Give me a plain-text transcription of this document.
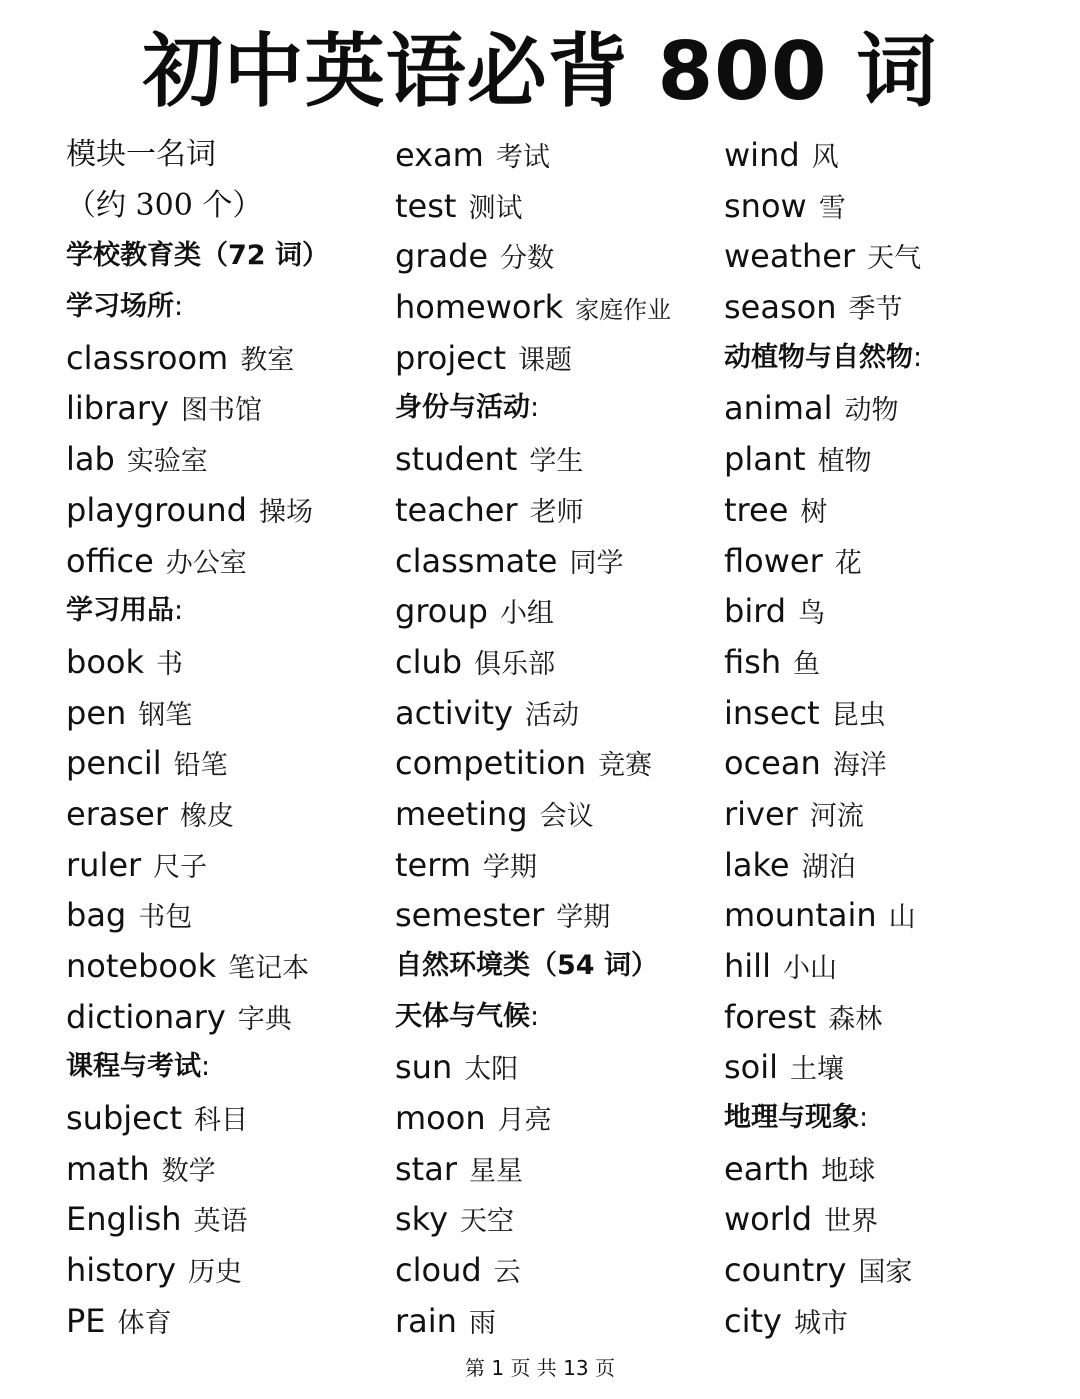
初中英语必背 800 词
模块一名词
（约 300 个）
学校教育类（72 词）
学习场所:
classroom 教室
library 图书馆
lab 实验室
playground 操场
office 办公室
学习用品:
book 书
pen 钢笔
pencil 铅笔
eraser 橡皮
ruler 尺子
bag 书包
notebook 笔记本
dictionary 字典
课程与考试:
subject 科目
math 数学
English 英语
history 历史
PE 体育
exam 考试
test 测试
grade 分数
homework 家庭作业
project 课题
身份与活动:
student 学生
teacher 老师
classmate 同学
group 小组
club 俱乐部
activity 活动
competition 竞赛
meeting 会议
term 学期
semester 学期
自然环境类（54 词）
天体与气候:
sun 太阳
moon 月亮
star 星星
sky 天空
cloud 云
rain 雨
wind 风
snow 雪
weather 天气
season 季节
动植物与自然物:
animal 动物
plant 植物
tree 树
flower 花
bird 鸟
fish 鱼
insect 昆虫
ocean 海洋
river 河流
lake 湖泊
mountain 山
hill 小山
forest 森林
soil 土壤
地理与现象:
earth 地球
world 世界
country 国家
city 城市
第 1 页 共 13 页
